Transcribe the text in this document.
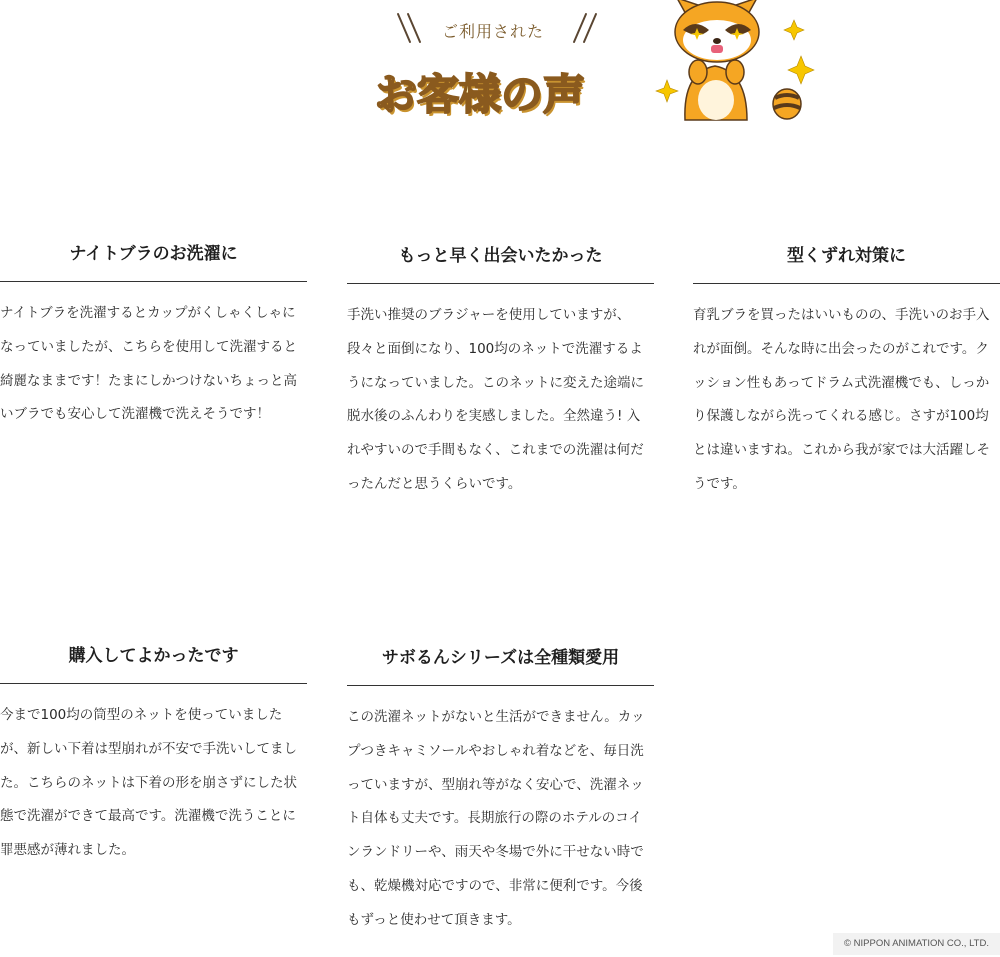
ご利用された
お客様の声
ナイトブラのお洗濯に
ナイトブラを洗濯するとカップがくしゃくしゃになっていましたが、こちらを使用して洗濯すると綺麗なままです！たまにしかつけないちょっと高いブラでも安心して洗濯機で洗えそうです！
もっと早く出会いたかった
手洗い推奨のブラジャーを使用していますが、段々と面倒になり、100均のネットで洗濯するようになっていました。このネットに変えた途端に脱水後のふんわりを実感しました。全然違う! 入れやすいので手間もなく、これまでの洗濯は何だったんだと思うくらいです。
型くずれ対策に
育乳ブラを買ったはいいものの、手洗いのお手入れが面倒。そんな時に出会ったのがこれです。クッション性もあってドラム式洗濯機でも、しっかり保護しながら洗ってくれる感じ。さすが100均とは違いますね。これから我が家では大活躍しそうです。
購入してよかったです
今まで100均の筒型のネットを使っていましたが、新しい下着は型崩れが不安で手洗いしてました。こちらのネットは下着の形を崩さずにした状態で洗濯ができて最高です。洗濯機で洗うことに罪悪感が薄れました。
サボるんシリーズは全種類愛用
この洗濯ネットがないと生活ができません。カップつきキャミソールやおしゃれ着などを、毎日洗っていますが、型崩れ等がなく安心で、洗濯ネット自体も丈夫です。長期旅行の際のホテルのコインランドリーや、雨天や冬場で外に干せない時でも、乾燥機対応ですので、非常に便利です。今後もずっと使わせて頂きます。
© NIPPON ANIMATION CO., LTD.
